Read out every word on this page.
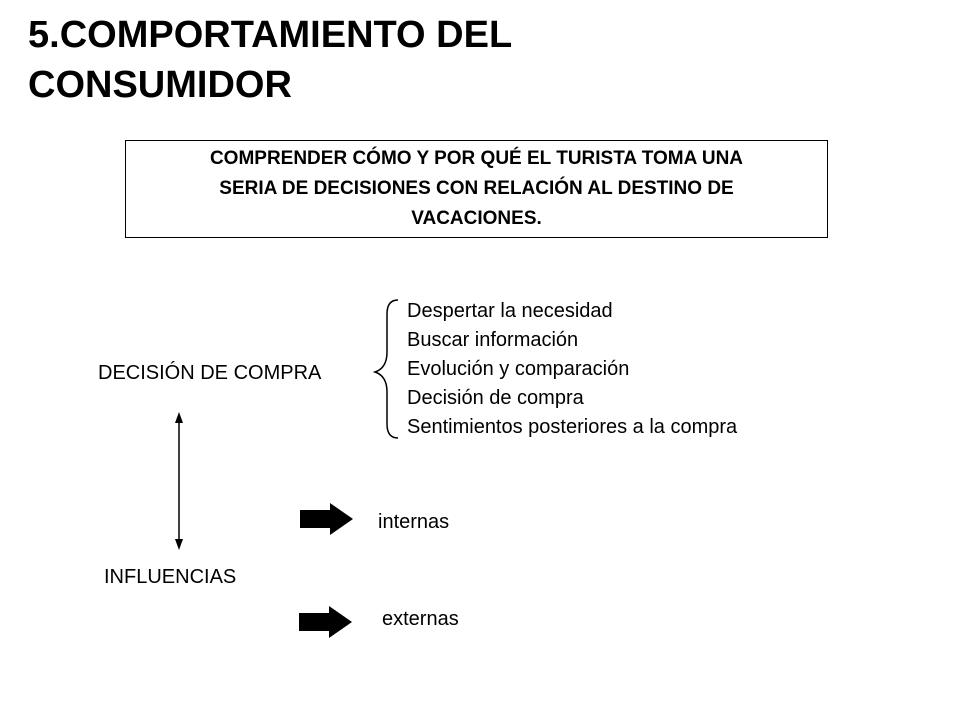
5.COMPORTAMIENTO DEL
CONSUMIDOR
COMPRENDER CÓMO Y POR QUÉ EL TURISTA TOMA UNA
SERIA DE DECISIONES CON RELACIÓN AL DESTINO DE
VACACIONES.
DECISIÓN DE COMPRA
Despertar la necesidad
Buscar información
Evolución y comparación
Decisión de compra
Sentimientos posteriores a la compra
INFLUENCIAS
internas
externas
